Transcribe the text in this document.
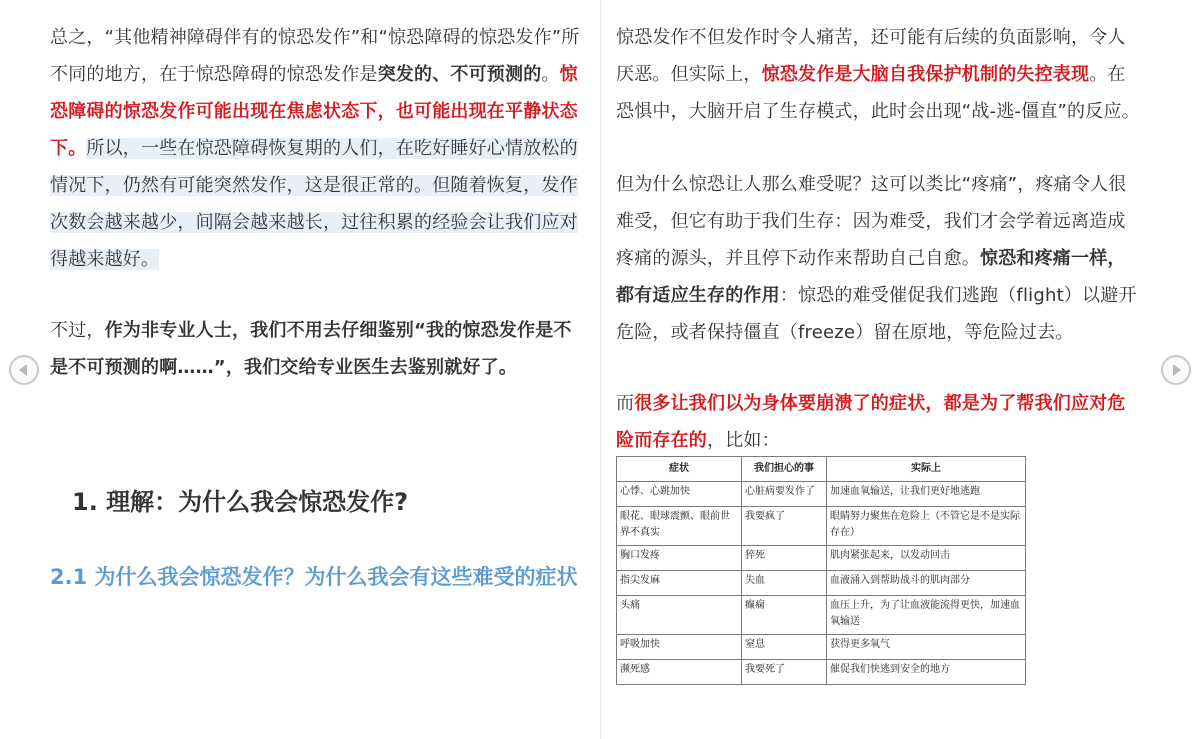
总之，“其他精神障碍伴有的惊恐发作”和“惊恐障碍的惊恐发作”所不同的地方，在于惊恐障碍的惊恐发作是突发的、不可预测的。惊恐障碍的惊恐发作可能出现在焦虑状态下，也可能出现在平静状态下。所以，一些在惊恐障碍恢复期的人们，在吃好睡好心情放松的情况下，仍然有可能突然发作，这是很正常的。但随着恢复，发作次数会越来越少，间隔会越来越长，过往积累的经验会让我们应对得越来越好。

不过，作为非专业人士，我们不用去仔细鉴别“我的惊恐发作是不是不可预测的啊……”，我们交给专业医生去鉴别就好了。

1. 理解：为什么我会惊恐发作?
2.1 为什么我会惊恐发作？为什么我会有这些难受的症状

惊恐发作不但发作时令人痛苦，还可能有后续的负面影响，令人厌恶。但实际上，惊恐发作是大脑自我保护机制的失控表现。在恐惧中，大脑开启了生存模式，此时会出现“战-逃-僵直”的反应。

但为什么惊恐让人那么难受呢？这可以类比“疼痛”，疼痛令人很难受，但它有助于我们生存：因为难受，我们才会学着远离造成疼痛的源头，并且停下动作来帮助自己自愈。惊恐和疼痛一样，都有适应生存的作用：惊恐的难受催促我们逃跑（flight）以避开危险，或者保持僵直（freeze）留在原地，等危险过去。

而很多让我们以为身体要崩溃了的症状，都是为了帮我们应对危险而存在的，比如：

症状	我们担心的事	实际上
心悸、心跳加快	心脏病要发作了	加速血氧输送，让我们更好地逃跑
眼花、眼球震颤、眼前世界不真实	我要疯了	眼睛努力聚焦在危险上（不管它是不是实际存在）
胸口发疼	猝死	肌肉紧张起来，以发动回击
指尖发麻	失血	血液涌入到帮助战斗的肌肉部分
头痛	癫痫	血压上升，为了让血液能流得更快，加速血氧输送
呼吸加快	窒息	获得更多氧气
濒死感	我要死了	催促我们快逃到安全的地方
